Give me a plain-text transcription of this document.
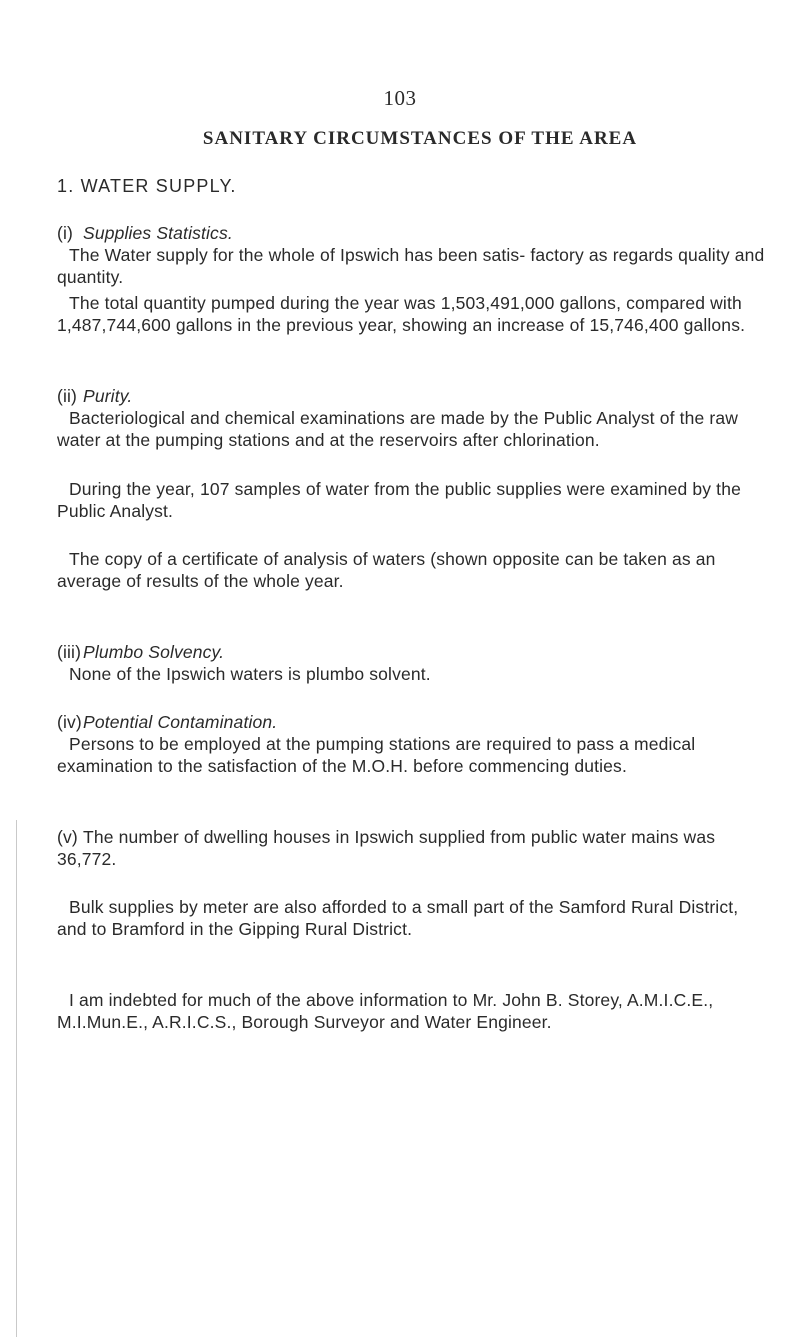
103
SANITARY CIRCUMSTANCES OF THE AREA
1. WATER SUPPLY.
(i) Supplies Statistics.

The Water supply for the whole of Ipswich has been satis- factory as regards quality and quantity.

The total quantity pumped during the year was 1,503,491,000 gallons, compared with 1,487,744,600 gallons in the previous year, showing an increase of 15,746,400 gallons.

(ii) Purity.

Bacteriological and chemical examinations are made by the Public Analyst of the raw water at the pumping stations and at the reservoirs after chlorination.

During the year, 107 samples of water from the public supplies were examined by the Public Analyst.

The copy of a certificate of analysis of waters (shown opposite can be taken as an average of results of the whole year.

(iii) Plumbo Solvency.

None of the Ipswich waters is plumbo solvent.

(iv)Potential Contamination.

Persons to be employed at the pumping stations are required to pass a medical examination to the satisfaction of the M.O.H. before commencing duties.

(v) The number of dwelling houses in Ipswich supplied from public water mains was 36,772.

Bulk supplies by meter are also afforded to a small part of the Samford Rural District, and to Bramford in the Gipping Rural District.

I am indebted for much of the above information to Mr. John B. Storey, A.M.I.C.E., M.I.Mun.E., A.R.I.C.S., Borough Surveyor and Water Engineer.
